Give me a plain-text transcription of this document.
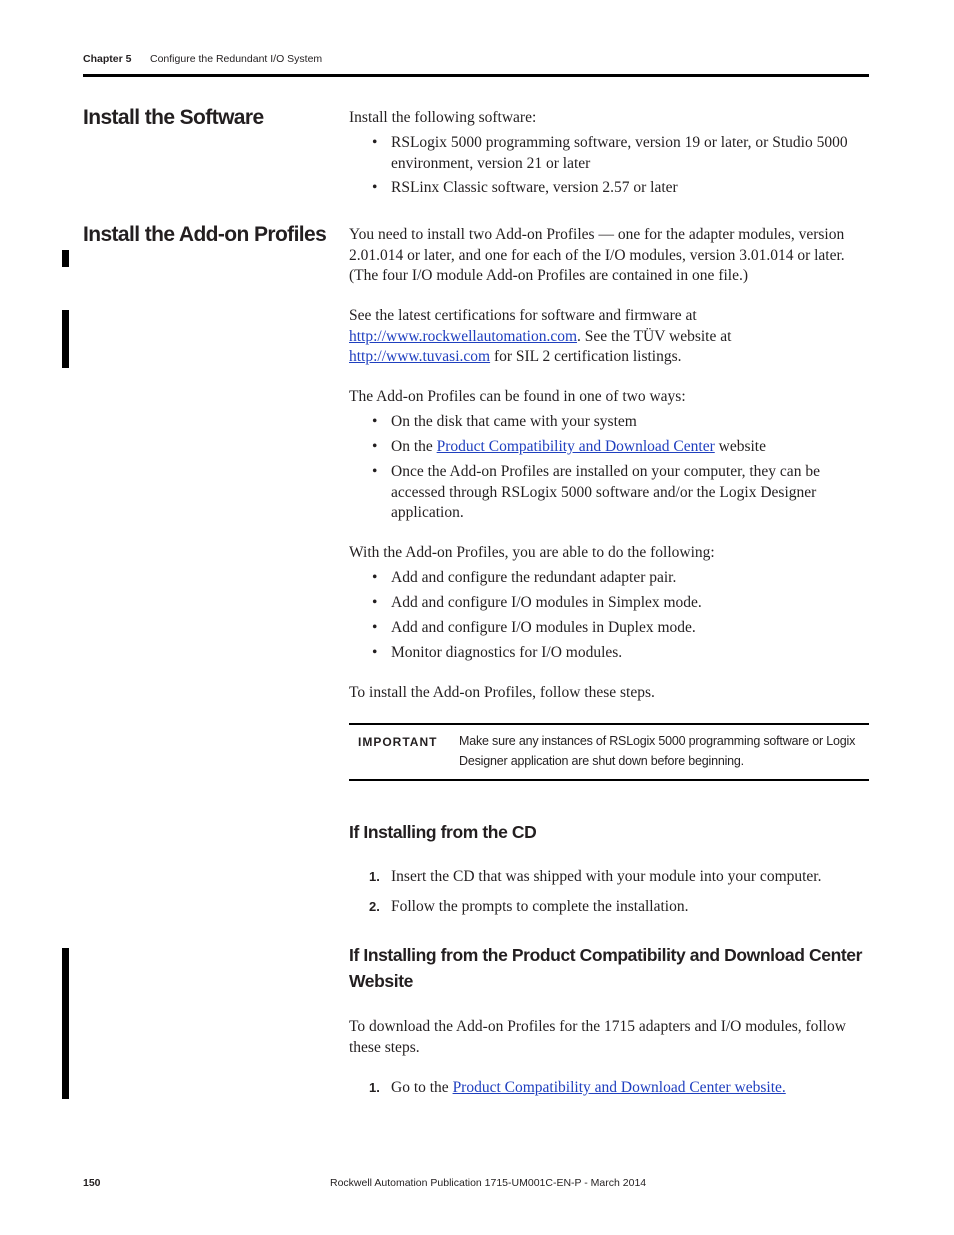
Chapter 5 Configure the Redundant I/O System
Install the Software	Install the following software:

• RSLogix 5000 programming software, version 19 or later, or Studio 5000 environment, version 21 or later
• RSLinx Classic software, version 2.57 or later
Install the Add-on Profiles You need to install two Add-on Profiles — one for the adapter modules, version 2.01.014 or later, and one for each of the I/O modules, version 3.01.014 or later. (The four I/O module Add-on Profiles are contained in one file.)

See the latest certifications for software and firmware at
http://www.rockwellautomation.com. See the TÜV website at
http://www.tuvasi.com for SIL 2 certification listings.

The Add-on Profiles can be found in one of two ways:

• On the disk that came with your system
• On the Product Compatibility and Download Center website
• Once the Add-on Profiles are installed on your computer, they can be accessed through RSLogix 5000 software and/or the Logix Designer application.

With the Add-on Profiles, you are able to do the following:

• Add and configure the redundant adapter pair.
• Add and configure I/O modules in Simplex mode.
• Add and configure I/O modules in Duplex mode.
• Monitor diagnostics for I/O modules.

To install the Add-on Profiles, follow these steps.

IMPORTANT Make sure any instances of RSLogix 5000 programming software or Logix Designer application are shut down before beginning.
If Installing from the CD
1. Insert the CD that was shipped with your module into your computer.
2. Follow the prompts to complete the installation.
If Installing from the Product Compatibility and Download Center Website

To download the Add-on Profiles for the 1715 adapters and I/O modules, follow these steps.

1. Go to the Product Compatibility and Download Center website.
150	Rockwell Automation Publication 1715-UM001C-EN-P - March 2014
